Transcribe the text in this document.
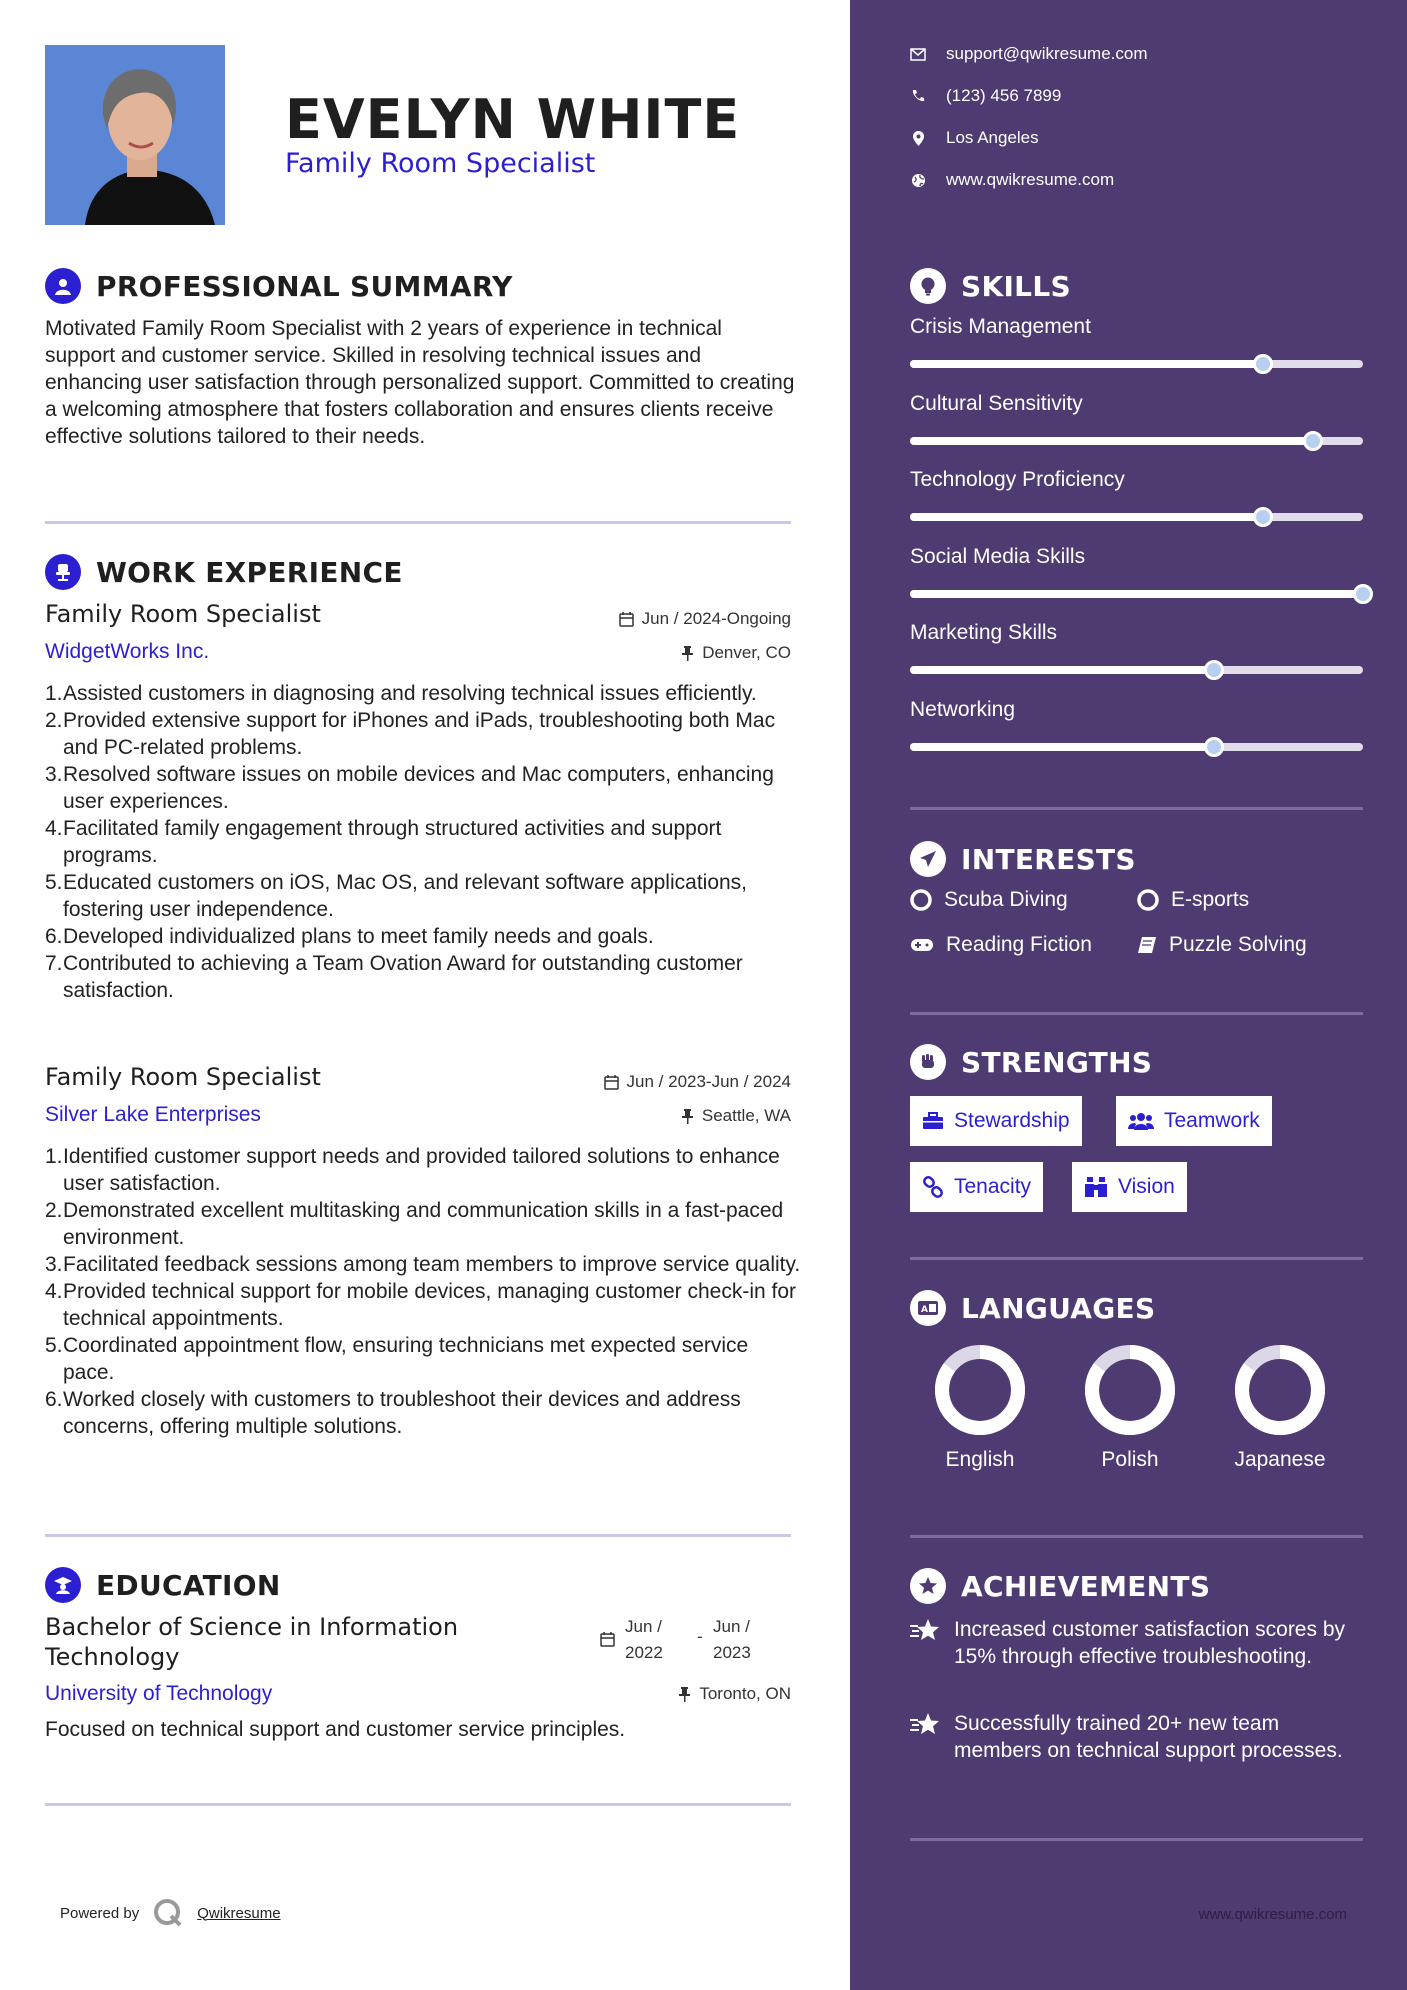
EVELYN WHITE
Family Room Specialist
PROFESSIONAL SUMMARY
Motivated Family Room Specialist with 2 years of experience in technical support and customer service. Skilled in resolving technical issues and enhancing user satisfaction through personalized support. Committed to creating a welcoming atmosphere that fosters collaboration and ensures clients receive effective solutions tailored to their needs.
WORK EXPERIENCE
Family Room Specialist	Jun / 2024-Ongoing
WidgetWorks Inc.	Denver, CO
1. Assisted customers in diagnosing and resolving technical issues efficiently.
2. Provided extensive support for iPhones and iPads, troubleshooting both Mac and PC-related problems.
3. Resolved software issues on mobile devices and Mac computers, enhancing user experiences.
4. Facilitated family engagement through structured activities and support programs.
5. Educated customers on iOS, Mac OS, and relevant software applications, fostering user independence.
6. Developed individualized plans to meet family needs and goals.
7. Contributed to achieving a Team Ovation Award for outstanding customer satisfaction.
Family Room Specialist	Jun / 2023-Jun / 2024
Silver Lake Enterprises	Seattle, WA
1. Identified customer support needs and provided tailored solutions to enhance user satisfaction.
2. Demonstrated excellent multitasking and communication skills in a fast-paced environment.
3. Facilitated feedback sessions among team members to improve service quality.
4. Provided technical support for mobile devices, managing customer check-in for technical appointments.
5. Coordinated appointment flow, ensuring technicians met expected service pace.
6. Worked closely with customers to troubleshoot their devices and address concerns, offering multiple solutions.
EDUCATION
Bachelor of Science in Information Technology
Jun /
2022
-
Jun /
2023
University of Technology	Toronto, ON
Focused on technical support and customer service principles.
Powered by	Qwikresume
support@qwikresume.com
(123) 456 7899
Los Angeles
www.qwikresume.com
SKILLS
Crisis Management
Cultural Sensitivity
Technology Proficiency
Social Media Skills
Marketing Skills
Networking
INTERESTS
Scuba Diving	E-sports
Reading Fiction	Puzzle Solving
STRENGTHS
Stewardship	Teamwork
Tenacity	Vision
A LANGUAGES
English	Polish	Japanese
ACHIEVEMENTS
Increased customer satisfaction scores by 15% through effective troubleshooting.
Successfully trained 20+ new team members on technical support processes.
www.qwikresume.com
